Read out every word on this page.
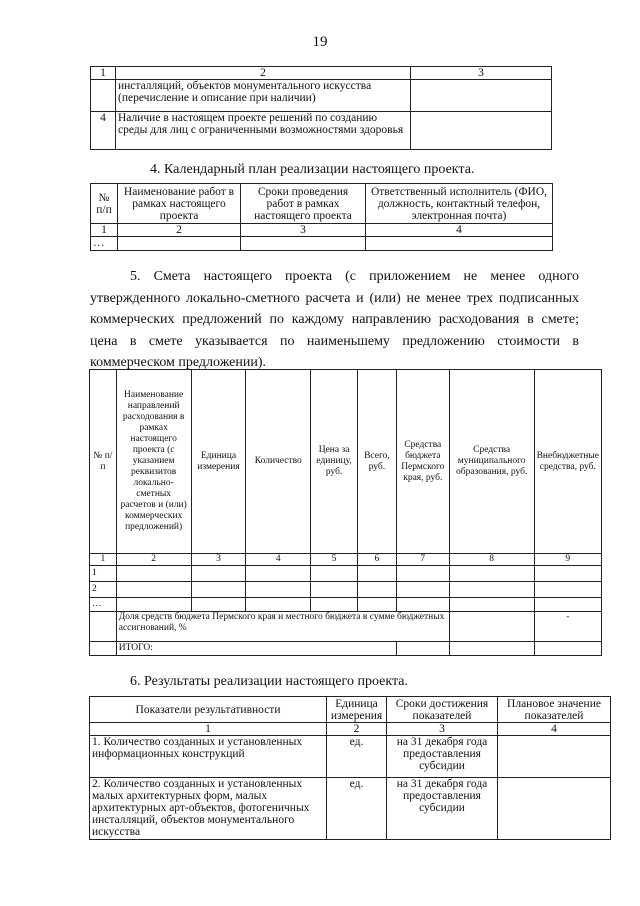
19
1	2	3
	инсталляций, объектов монументального искусства (перечисление и описание при наличии)	
4	Наличие в настоящем проекте решений по созданию среды для лиц с ограниченными возможностями здоровья	
4. Календарный план реализации настоящего проекта.
№ п/п	Наименование работ в рамках настоящего проекта	Сроки проведения работ в рамках настоящего проекта	Ответственный исполнитель (ФИО, должность, контактный телефон, электронная почта)
1	2	3	4
…			
5. Смета настоящего проекта (с приложением не менее одного утвержденного локально-сметного расчета и (или) не менее трех подписанных коммерческих предложений по каждому направлению расходования в смете; цена в смете указывается по наименьшему предложению стоимости в коммерческом предложении).
№ п/п	Наименование направлений расходования в рамках настоящего проекта (с указанием реквизитов локально-сметных расчетов и (или) коммерческих предложений)	Единица измерения	Количество	Цена за единицу, руб.	Всего, руб.	Средства бюджета Пермского края, руб.	Средства муниципального образования, руб.	Внебюджетные средства, руб.
1	2	3	4	5	6	7	8	9
1								
2								
…								
	Доля средств бюджета Пермского края и местного бюджета в сумме бюджетных ассигнований, %							-
	ИТОГО:							
6. Результаты реализации настоящего проекта.
Показатели результативности	Единица измерения	Сроки достижения показателей	Плановое значение показателей
1	2	3	4
1. Количество созданных и установленных информационных конструкций	ед.	на 31 декабря года предоставления субсидии	
2. Количество созданных и установленных малых архитектурных форм, малых архитектурных арт-объектов, фотогеничных инсталляций, объектов монументального искусства	ед.	на 31 декабря года предоставления субсидии	
